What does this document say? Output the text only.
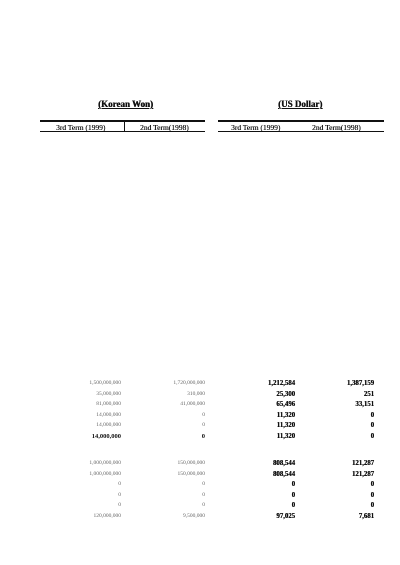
(Korean Won)	(US Dollar)
3rd Term (1999)	2nd Term(1998)	3rd Term (1999)	2nd Term(1998)
1,500,000,000	1,720,000,000	1,212,584	1,387,159
35,000,000	310,000	25,300	251
81,000,000	41,000,000	65,496	33,151
14,000,000	0	11,320	0
14,000,000	0	11,320	0
14,000,000	0	11,320	0
1,000,000,000	150,000,000	808,544	121,287
1,000,000,000	150,000,000	808,544	121,287
0	0	0	0
0	0	0	0
0	0	0	0
120,000,000	9,500,000	97,025	7,681
